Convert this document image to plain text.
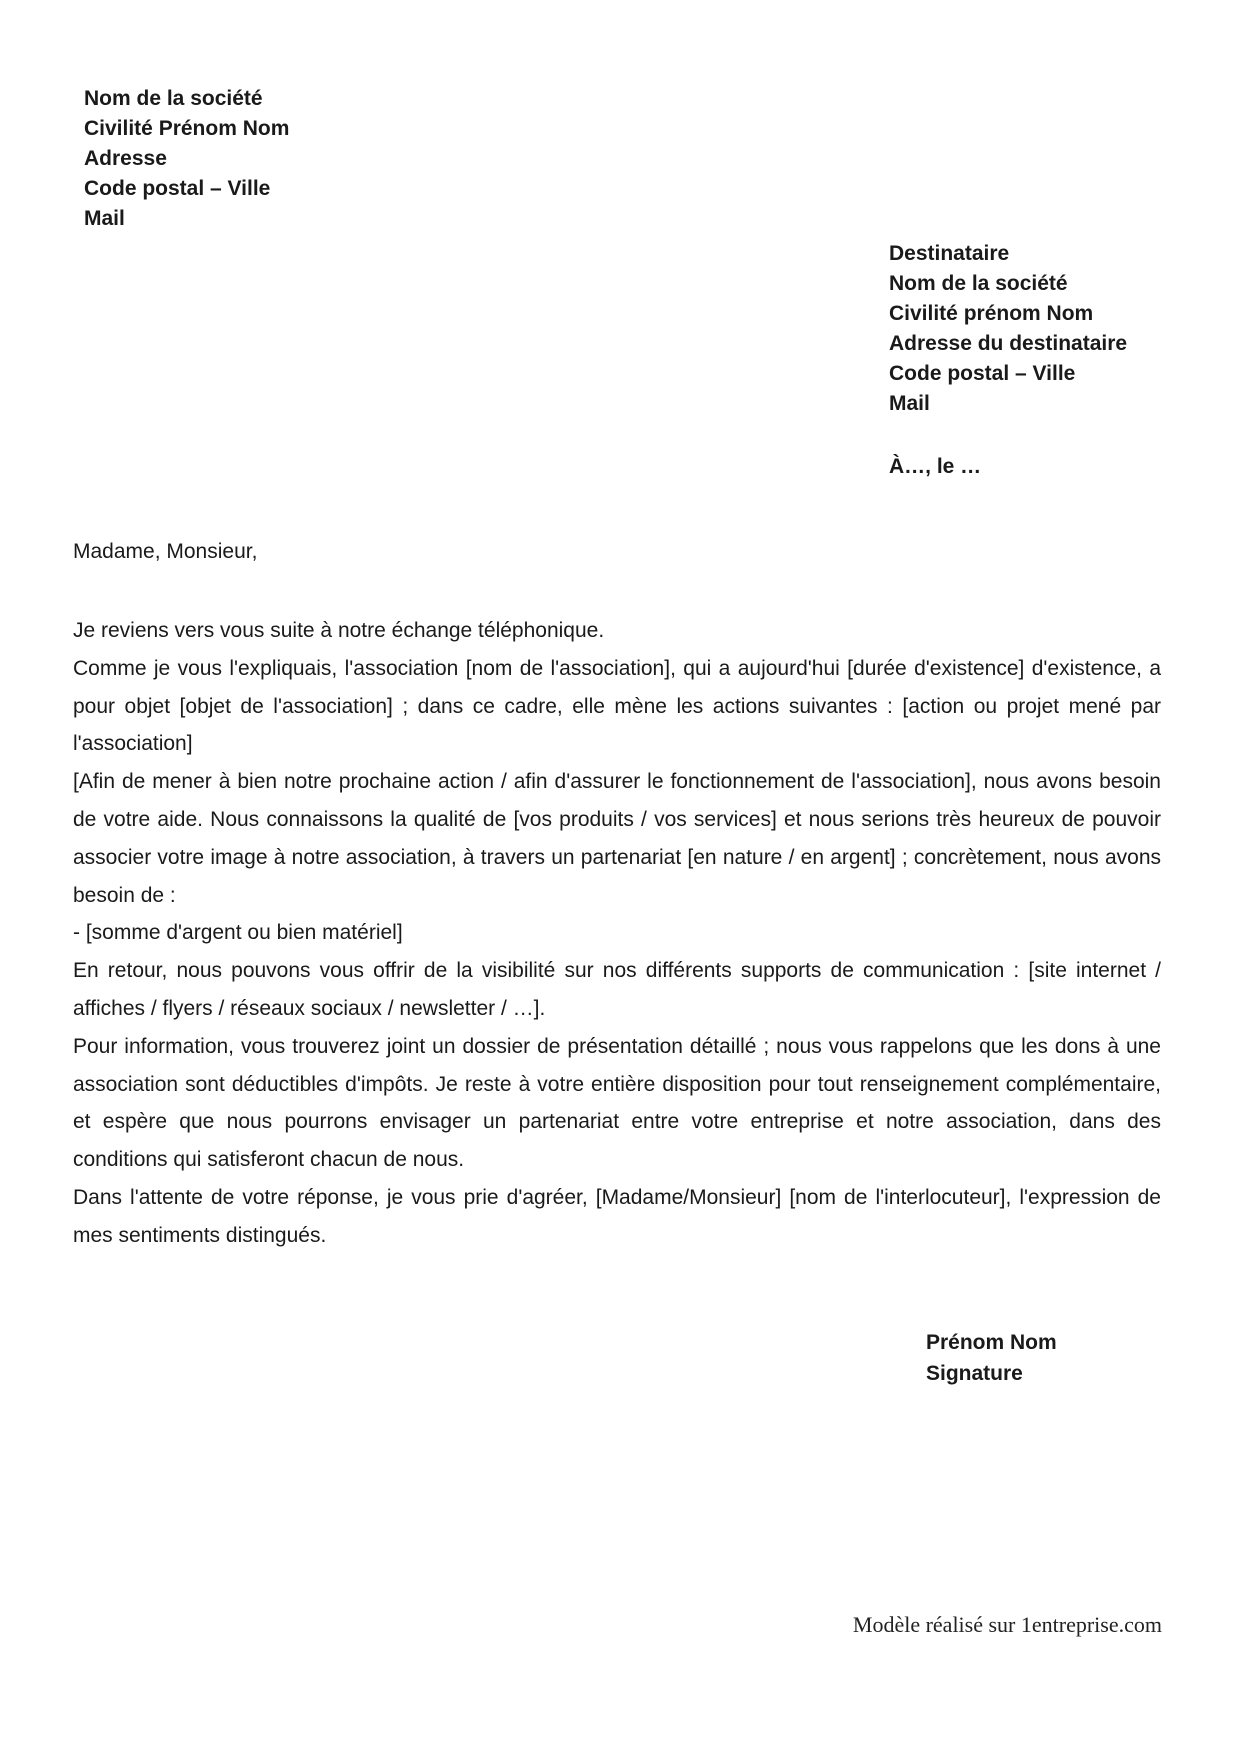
Nom de la société
Civilité Prénom Nom
Adresse
Code postal – Ville
Mail
Destinataire
Nom de la société
Civilité prénom Nom
Adresse du destinataire
Code postal – Ville
Mail
À…, le …
Madame, Monsieur,

Je reviens vers vous suite à notre échange téléphonique.

Comme je vous l'expliquais, l'association [nom de l'association], qui a aujourd'hui [durée d'existence] d'existence, a pour objet [objet de l'association] ; dans ce cadre, elle mène les actions suivantes : [action ou projet mené par l'association]

[Afin de mener à bien notre prochaine action / afin d'assurer le fonctionnement de l'association], nous avons besoin de votre aide. Nous connaissons la qualité de [vos produits / vos services] et nous serions très heureux de pouvoir associer votre image à notre association, à travers un partenariat [en nature / en argent] ; concrètement, nous avons besoin de :

- [somme d'argent ou bien matériel]

En retour, nous pouvons vous offrir de la visibilité sur nos différents supports de communication : [site internet / affiches / flyers / réseaux sociaux / newsletter / …].

Pour information, vous trouverez joint un dossier de présentation détaillé ; nous vous rappelons que les dons à une association sont déductibles d'impôts. Je reste à votre entière disposition pour tout renseignement complémentaire, et espère que nous pourrons envisager un partenariat entre votre entreprise et notre association, dans des conditions qui satisferont chacun de nous.

Dans l'attente de votre réponse, je vous prie d'agréer, [Madame/Monsieur] [nom de l'interlocuteur], l'expression de mes sentiments distingués.

Prénom Nom
Signature
Modèle réalisé sur 1entreprise.com
